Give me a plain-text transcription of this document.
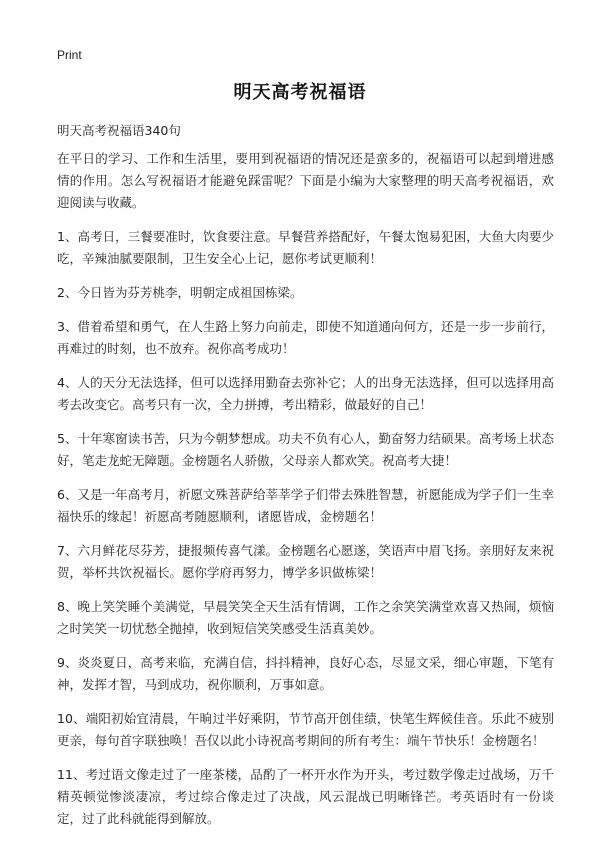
Print
明天高考祝福语
明天高考祝福语340句

在平日的学习、工作和生活里，要用到祝福语的情况还是蛮多的，祝福语可以起到增进感情的作用。怎么写祝福语才能避免踩雷呢？下面是小编为大家整理的明天高考祝福语，欢迎阅读与收藏。

1、高考日，三餐要准时，饮食要注意。早餐营养搭配好，午餐太饱易犯困，大鱼大肉要少吃，辛辣油腻要限制，卫生安全心上记，愿你考试更顺利！

2、今日皆为芬芳桃李，明朝定成祖国栋梁。

3、借着希望和勇气，在人生路上努力向前走，即使不知道通向何方，还是一步一步前行，再难过的时刻，也不放弃。祝你高考成功！

4、人的天分无法选择，但可以选择用勤奋去弥补它；人的出身无法选择，但可以选择用高考去改变它。高考只有一次，全力拼搏，考出精彩，做最好的自己！

5、十年寒窗读书苦，只为今朝梦想成。功夫不负有心人，勤奋努力结硕果。高考场上状态好，笔走龙蛇无障题。金榜题名人骄傲，父母亲人都欢笑。祝高考大捷！

6、又是一年高考月，祈愿文殊菩萨给莘莘学子们带去殊胜智慧，祈愿能成为学子们一生幸福快乐的缘起！祈愿高考随愿顺利，诸愿皆成，金榜题名！

7、六月鲜花尽芬芳，捷报频传喜气漾。金榜题名心愿遂，笑语声中眉飞扬。亲朋好友来祝贺，举杯共饮祝福长。愿你学府再努力，博学多识做栋梁！

8、晚上笑笑睡个美满觉，早晨笑笑全天生活有情调，工作之余笑笑满堂欢喜又热闹，烦恼之时笑笑一切忧愁全抛掉，收到短信笑笑感受生活真美妙。

9、炎炎夏日，高考来临，充满自信，抖抖精神，良好心态，尽显文采，细心审题，下笔有神，发挥才智，马到成功，祝你顺利，万事如意。

10、端阳初始宜清晨，午晌过半好乘阴，节节高开创佳绩，快笔生辉候佳音。乐此不疲别更亲，每句首字联独唤！吾仅以此小诗祝高考期间的所有考生：端午节快乐！金榜题名！

11、考过语文像走过了一座茶楼，品酌了一杯开水作为开头，考过数学像走过战场，万千精英顿觉惨淡凄凉，考过综合像走过了决战，风云混战已明晰锋芒。考英语时有一份谈定，过了此科就能得到解放。
